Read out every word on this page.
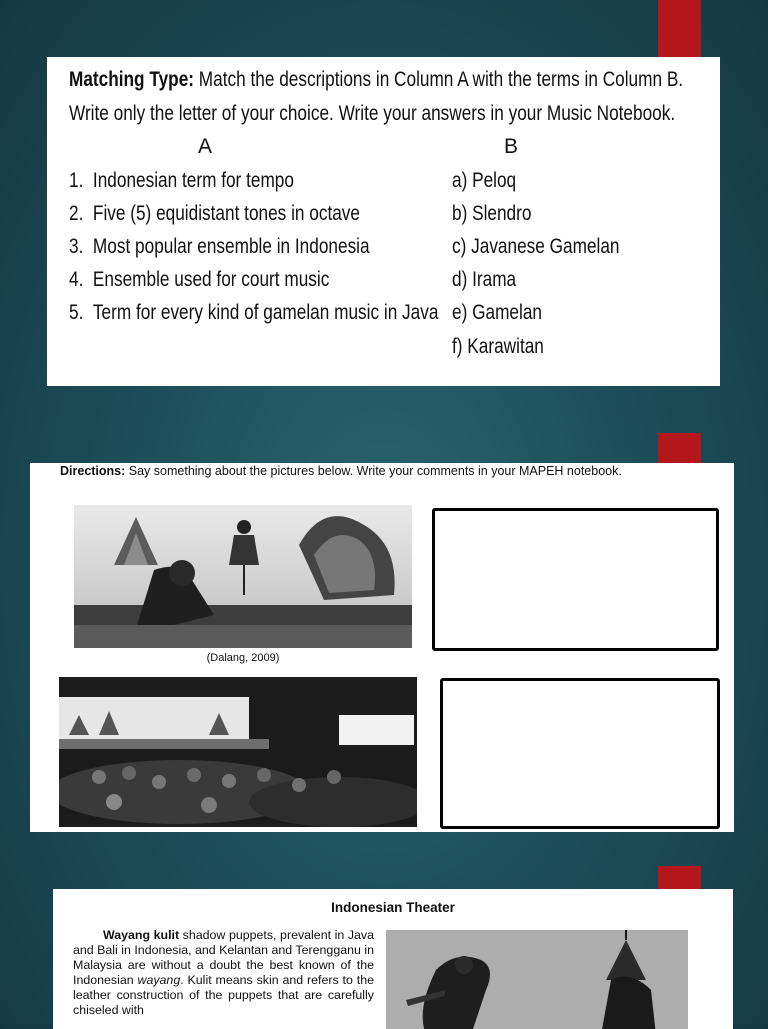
Matching Type: Match the descriptions in Column A with the terms in Column B.
Write only the letter of your choice. Write your answers in your Music Notebook.
A	B
1. Indonesian term for tempo
2. Five (5) equidistant tones in octave
3. Most popular ensemble in Indonesia
4. Ensemble used for court music
5. Term for every kind of gamelan music in Java
a) Peloq
b) Slendro
c) Javanese Gamelan
d) Irama
e) Gamelan
f) Karawitan
Directions: Say something about the pictures below. Write your comments in your MAPEH notebook.
(Dalang, 2009)
Indonesian Theater
Wayang kulit shadow puppets, prevalent in Java and Bali in Indonesia, and Kelantan and Terengganu in Malaysia are without a doubt the best known of the Indonesian wayang. Kulit means skin and refers to the leather construction of the puppets that are carefully chiseled with
